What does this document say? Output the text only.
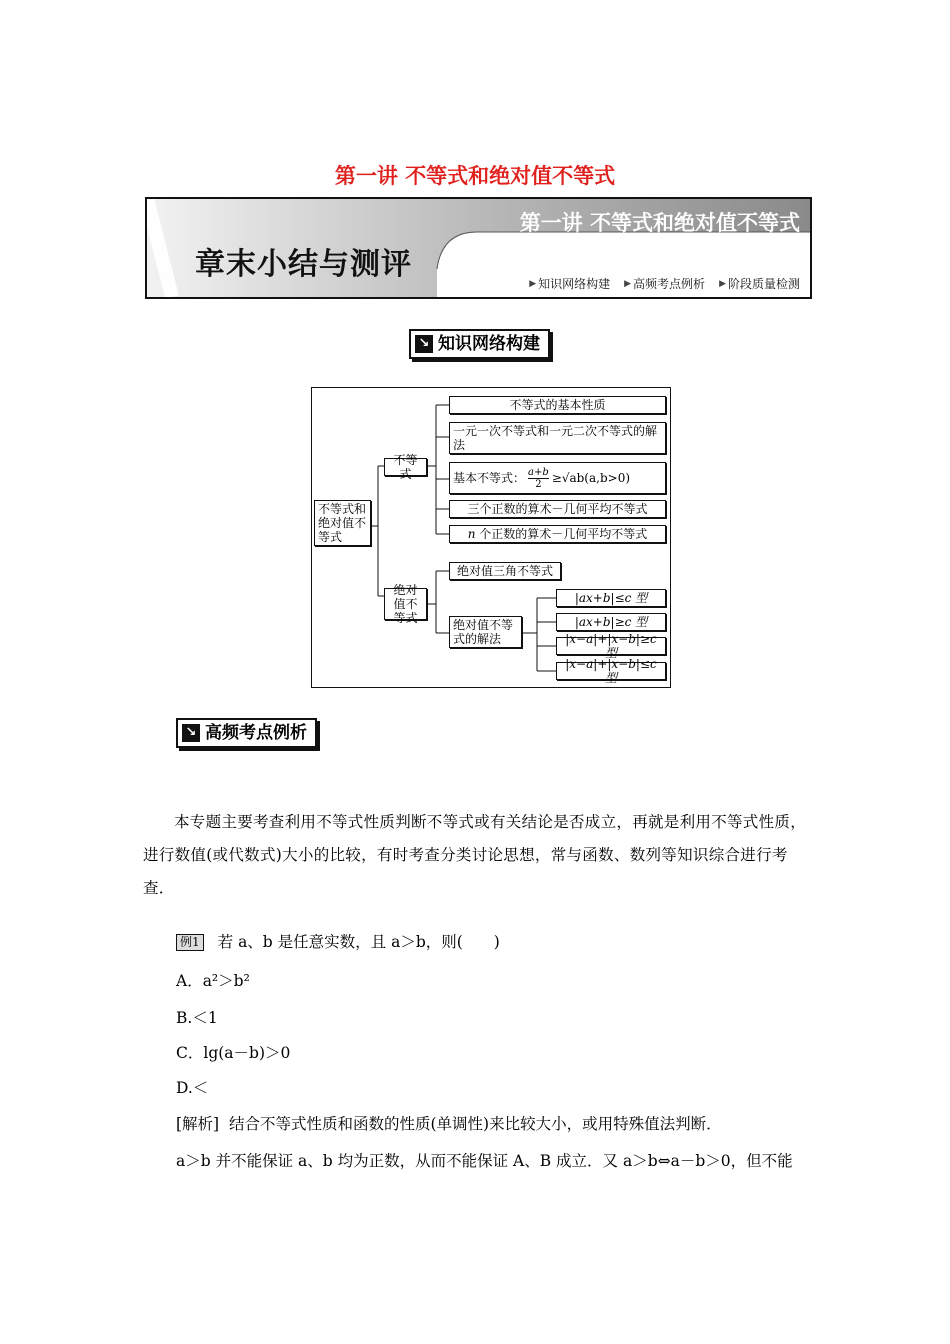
第一讲 不等式和绝对值不等式
第一讲 不等式和绝对值不等式
章末小结与测评
▶ 知识网络构建 ▶ 高频考点例析 ▶ 阶段质量检测
↘ 知识网络构建
不等式和绝对值不等式
不等式
不等式的基本性质
一元一次不等式和一元二次不等式的解法
基本不等式： $\frac{a+b}{2} \ge√ab(a,b>0)$
三个正数的算术－几何平均不等式
n
个正数的算术－几何平均不等式
绝对值不等式
绝对值三角不等式
绝对值不等式的解法
|ax+b|≤c 型
|ax+b|≥c 型
|x−a|+|x−b|≥c 型
|x−a|+|x−b|≤c 型
↘ 高频考点例析
本专题主要考查利用不等式性质判断不等式或有关结论是否成立，再就是利用不等式性质，进行数值(或代数式)大小的比较，有时考查分类讨论思想，常与函数、数列等知识综合进行考查．
例1 若 a、b 是任意实数，且 a＞b，则(　　)
A．a²＞b²
B.＜1
C．lg(a－b)＞0
D.＜
[解析] 结合不等式性质和函数的性质(单调性)来比较大小，或用特殊值法判断．
a＞b 并不能保证 a、b 均为正数，从而不能保证 A、B 成立．又 a＞b⇔a－b＞0，但不能
